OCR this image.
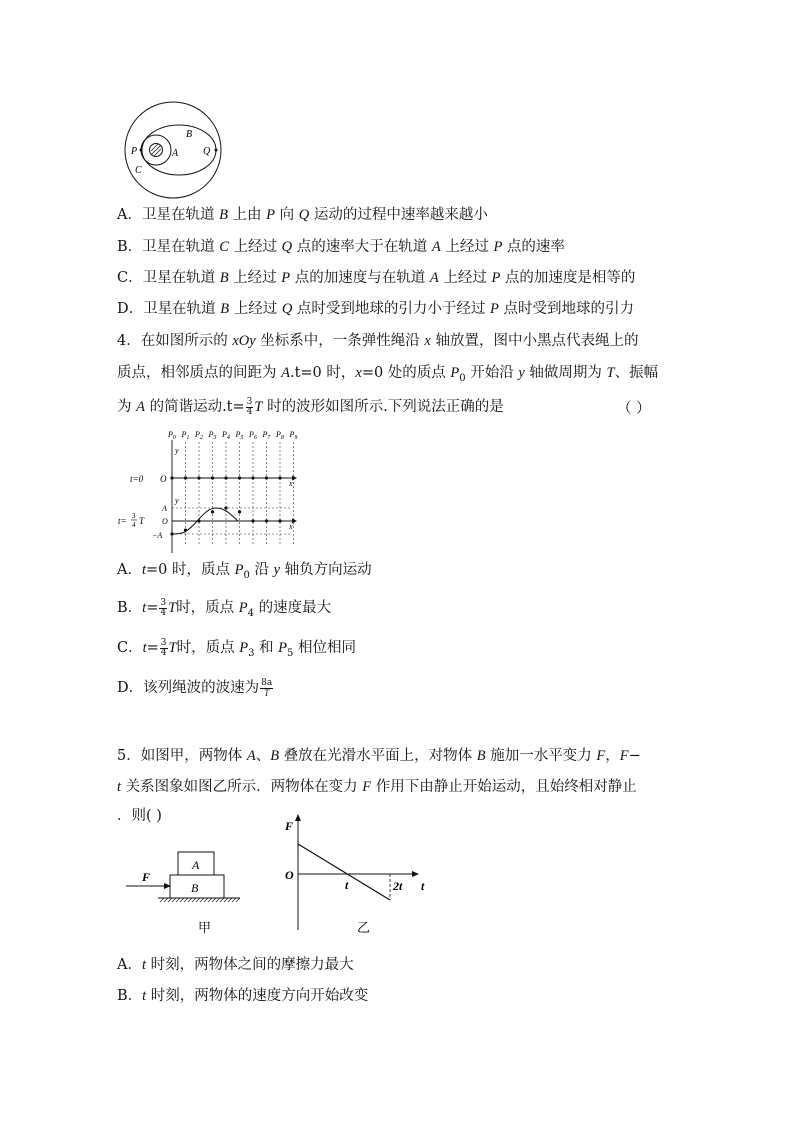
P	A
B
Q
C
A．卫星在轨道 B 上由 P 向 Q 运动的过程中速率越来越小
B．卫星在轨道 C 上经过 Q 点的速率大于在轨道 A 上经过 P 点的速率
C．卫星在轨道 B 上经过 P 点的加速度与在轨道 A 上经过 P 点的加速度是相等的
D．卫星在轨道 B 上经过 Q 点时受到地球的引力小于经过 P 点时受到地球的引力
4．在如图所示的 xOy 坐标系中，一条弹性绳沿 x 轴放置，图中小黑点代表绳上的
质点，相邻质点的间距为 A.t=0 时，x=0 处的质点 $P_0$ 开始沿 y 轴做周期为 T、振幅
为 A 的简谐运动$.t= \frac{3}{4}$ T 时的波形如图所示.下列说法正确的是	（ ）
$P_0$ $P_1$ $P_2$ $P_3$ $P_4$ $P_5$ $P_6$ $P_7$ $P_8$ $P_9$
y
y
x
t=0 O
x
A
O
−A
t= 3
4 T
A．t=0 时，质点 $P_0$ 沿 y 轴负方向运动
B．$t= \frac{3}{4}$ T时，质点 $P_4$ 的速度最大
C．$t= \frac{3}{4}$ T时，质点 $P_3$ 和 $P_5$ 相位相同
D．该列绳波的波速为 $\frac{8a}{T}$
5．如图甲，两物体 A、B 叠放在光滑水平面上，对物体 B 施加一水平变力 F，F−
t 关系图象如图乙所示．两物体在变力 F 作用下由静止开始运动，且始终相对静止
．则( )
A
B
F
甲
F
O
t	2t t
乙
A．t 时刻，两物体之间的摩擦力最大
B．t 时刻，两物体的速度方向开始改变
